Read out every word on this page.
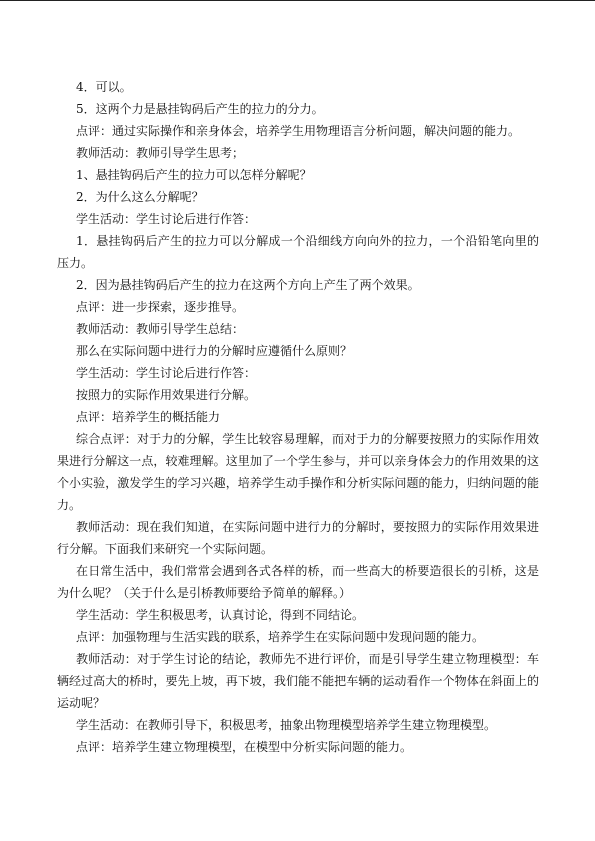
4．可以。

5．这两个力是悬挂钩码后产生的拉力的分力。

点评：通过实际操作和亲身体会，培养学生用物理语言分析问题，解决问题的能力。

教师活动：教师引导学生思考；

1、悬挂钩码后产生的拉力可以怎样分解呢？

2．为什么这么分解呢？

学生活动：学生讨论后进行作答：

1．悬挂钩码后产生的拉力可以分解成一个沿细线方向向外的拉力，一个沿铅笔向里的压力。

2．因为悬挂钩码后产生的拉力在这两个方向上产生了两个效果。

点评：进一步探索，逐步推导。

教师活动：教师引导学生总结：

那么在实际问题中进行力的分解时应遵循什么原则？

学生活动：学生讨论后进行作答：

按照力的实际作用效果进行分解。

点评：培养学生的概括能力

综合点评：对于力的分解，学生比较容易理解，而对于力的分解要按照力的实际作用效果进行分解这一点，较难理解。这里加了一个学生参与，并可以亲身体会力的作用效果的这个小实验，激发学生的学习兴趣，培养学生动手操作和分析实际问题的能力，归纳问题的能力。

教师活动：现在我们知道，在实际问题中进行力的分解时，要按照力的实际作用效果进行分解。下面我们来研究一个实际问题。

在日常生活中，我们常常会遇到各式各样的桥，而一些高大的桥要造很长的引桥，这是为什么呢？（关于什么是引桥教师要给予简单的解释。）

学生活动：学生积极思考，认真讨论，得到不同结论。

点评：加强物理与生活实践的联系，培养学生在实际问题中发现问题的能力。

教师活动：对于学生讨论的结论，教师先不进行评价，而是引导学生建立物理模型：车辆经过高大的桥时，要先上坡，再下坡，我们能不能把车辆的运动看作一个物体在斜面上的运动呢？

学生活动：在教师引导下，积极思考，抽象出物理模型培养学生建立物理模型。

点评：培养学生建立物理模型，在模型中分析实际问题的能力。
